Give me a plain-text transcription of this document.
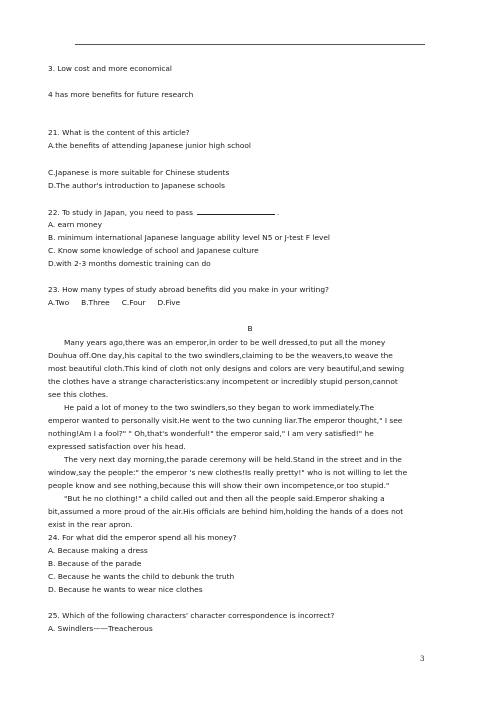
3. Low cost and more economical
4 has more benefits for future research
21. What is the content of this article?
A.the benefits of attending Japanese junior high school
C.Japanese is more suitable for Chinese students
D.The author's introduction to Japanese schools
22. To study in Japan, you need to pass	.
A. earn money
B. minimum international Japanese language ability level N5 or J-test F level
C. Know some knowledge of school and Japanese culture
D.with 2-3 months domestic training can do
23. How many types of study abroad benefits did you make in your writing?
A.Two B.Three C.Four D.Five
B
Many years ago,there was an emperor,in order to be well dressed,to put all the money
Douhua off.One day,his capital to the two swindlers,claiming to be the weavers,to weave the
most beautiful cloth.This kind of cloth not only designs and colors are very beautiful,and sewing
the clothes have a strange characteristics:any incompetent or incredibly stupid person,cannot
see this clothes.
He paid a lot of money to the two swindlers,so they began to work immediately.The
emperor wanted to personally visit.He went to the two cunning liar.The emperor thought," I see
nothing!Am I a fool?" " Oh,that's wonderful!" the emperor said," I am very satisfied!" he
expressed satisfaction over his head.
The very next day morning,the parade ceremony will be held.Stand in the street and in the
window,say the people:" the emperor 's new clothes!Is really pretty!" who is not willing to let the
people know and see nothing,because this will show their own incompetence,or too stupid."
"But he no clothing!" a child called out and then all the people said.Emperor shaking a
bit,assumed a more proud of the air.His officials are behind him,holding the hands of a does not
exist in the rear apron.
24. For what did the emperor spend all his money?
A. Because making a dress
B. Because of the parade
C. Because he wants the child to debunk the truth
D. Because he wants to wear nice clothes
25. Which of the following characters' character correspondence is incorrect?
A. Swindlers——Treacherous
3
